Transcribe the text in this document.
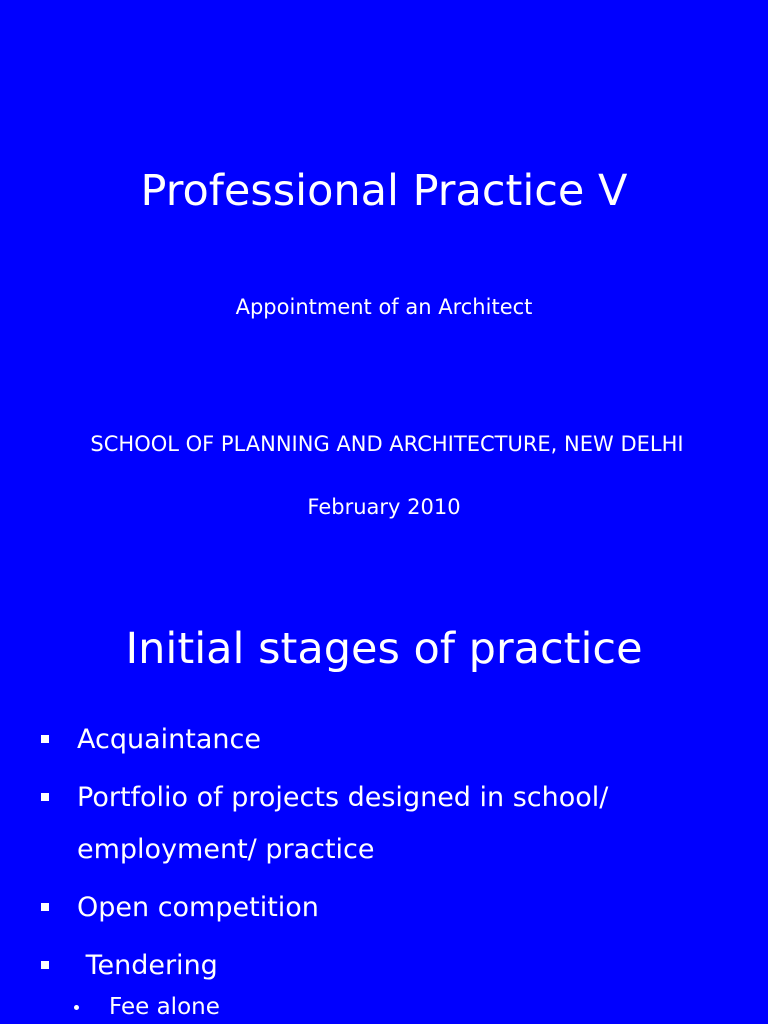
Professional Practice V
Appointment of an Architect
SCHOOL OF PLANNING AND ARCHITECTURE, NEW DELHI
February 2010
Initial stages of practice
Acquaintance
Portfolio of projects designed in school/ employment/ practice
Open competition
Tendering
Fee alone
